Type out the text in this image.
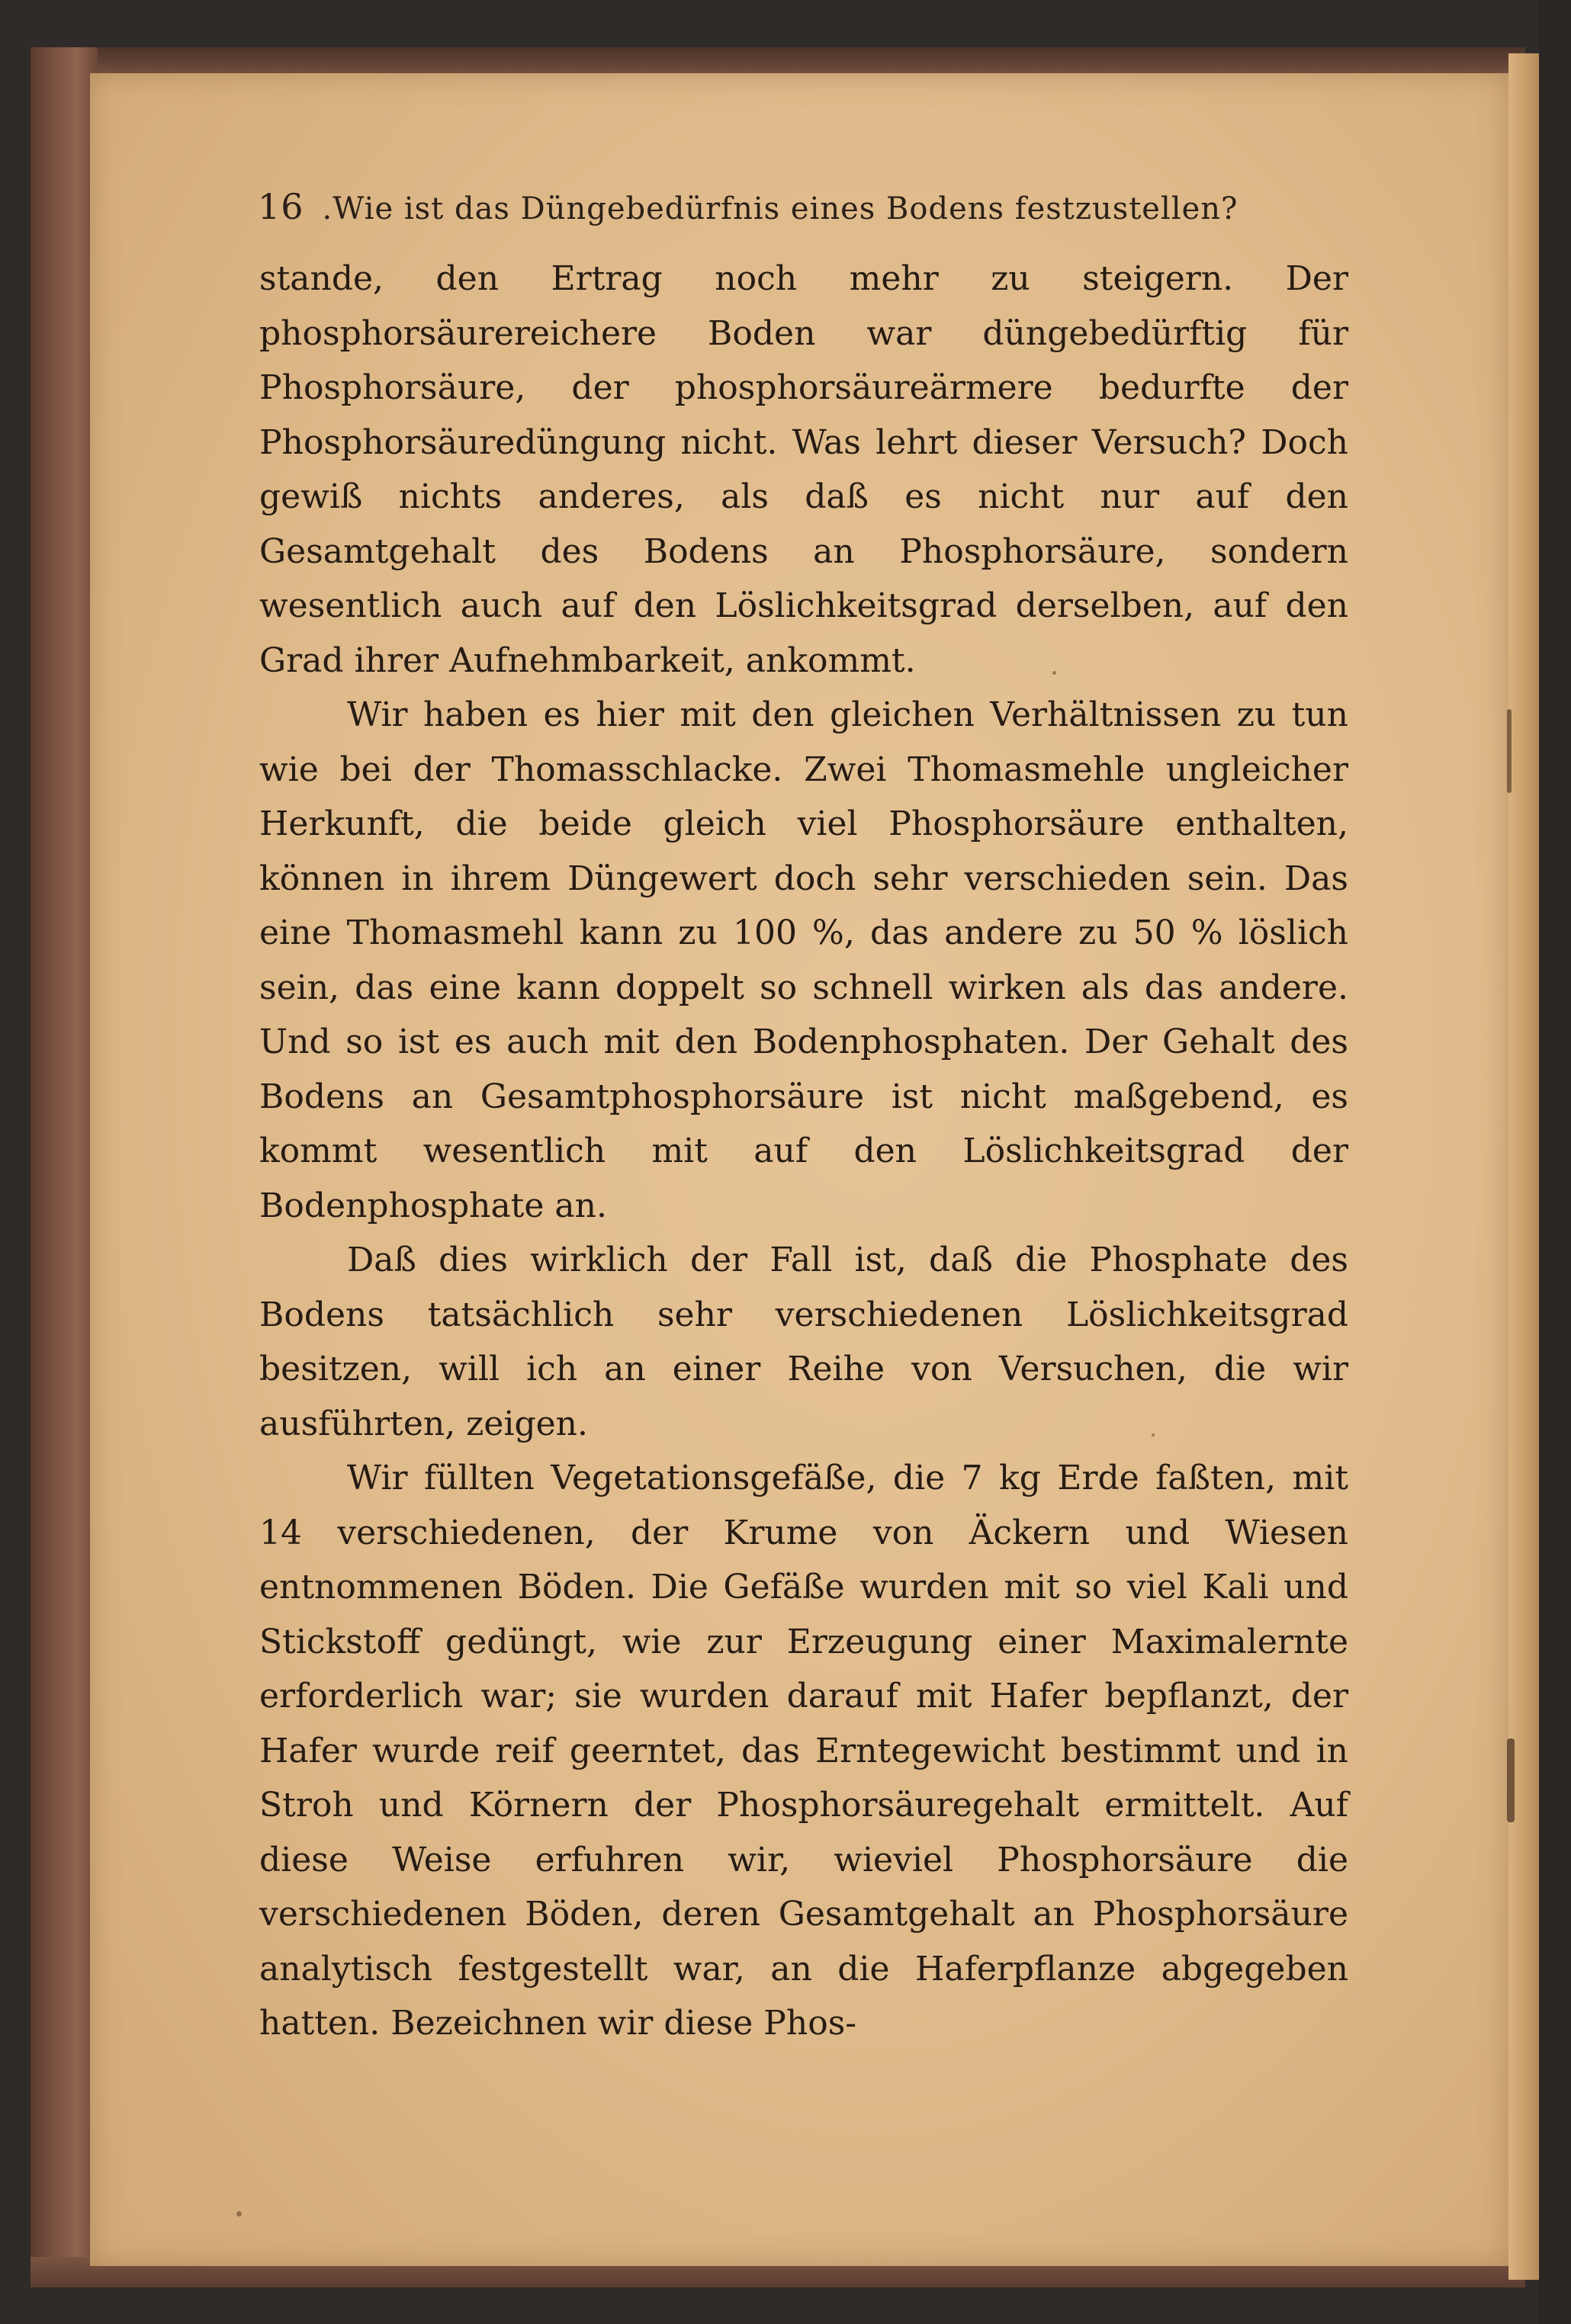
16 .Wie ist das Düngebedürfnis eines Bodens festzustellen?

stande, den Ertrag noch mehr zu steigern. Der phosphorsäurereichere Boden war düngebedürftig für Phosphorsäure, der phosphorsäureärmere bedurfte der Phosphorsäuredüngung nicht. Was lehrt dieser Versuch? Doch gewiß nichts anderes, als daß es nicht nur auf den Gesamtgehalt des Bodens an Phosphorsäure, sondern wesentlich auch auf den Löslichkeitsgrad derselben, auf den Grad ihrer Aufnehmbarkeit, ankommt.

Wir haben es hier mit den gleichen Verhältnissen zu tun wie bei der Thomasschlacke. Zwei Thomasmehle ungleicher Herkunft, die beide gleich viel Phosphorsäure enthalten, können in ihrem Düngewert doch sehr verschieden sein. Das eine Thomasmehl kann zu 100 %, das andere zu 50 % löslich sein, das eine kann doppelt so schnell wirken als das andere. Und so ist es auch mit den Bodenphosphaten. Der Gehalt des Bodens an Gesamtphosphorsäure ist nicht maßgebend, es kommt wesentlich mit auf den Löslichkeitsgrad der Bodenphosphate an.

Daß dies wirklich der Fall ist, daß die Phosphate des Bodens tatsächlich sehr verschiedenen Löslichkeitsgrad besitzen, will ich an einer Reihe von Versuchen, die wir ausführten, zeigen.

Wir füllten Vegetationsgefäße, die 7 kg Erde faßten, mit 14 verschiedenen, der Krume von Äckern und Wiesen entnommenen Böden. Die Gefäße wurden mit so viel Kali und Stickstoff gedüngt, wie zur Erzeugung einer Maximalernte erforderlich war; sie wurden darauf mit Hafer bepflanzt, der Hafer wurde reif geerntet, das Erntegewicht bestimmt und in Stroh und Körnern der Phosphorsäuregehalt ermittelt. Auf diese Weise erfuhren wir, wieviel Phosphorsäure die verschiedenen Böden, deren Gesamtgehalt an Phosphorsäure analytisch festgestellt war, an die Haferpflanze abgegeben hatten. Bezeichnen wir diese Phos-
